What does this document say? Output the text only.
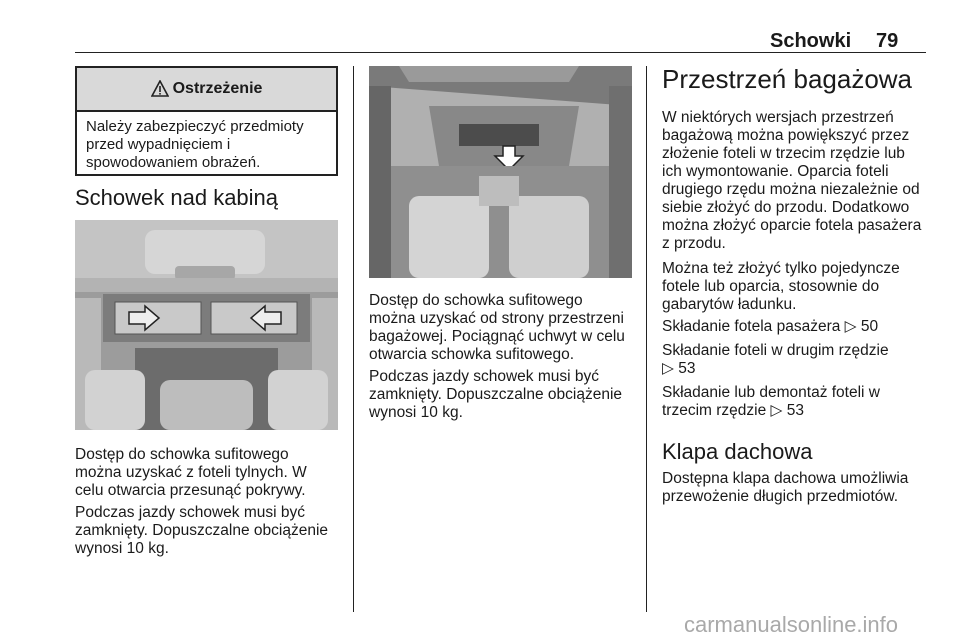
Schowki 79
Ostrzeżenie
Należy zabezpieczyć przedmioty
przed wypadnięciem i
spowodowaniem obrażeń.
Schowek nad kabiną
Dostęp do schowka sufitowego
można uzyskać z foteli tylnych. W
celu otwarcia przesunąć pokrywy.
Podczas jazdy schowek musi być
zamknięty. Dopuszczalne obciążenie
wynosi 10 kg.
Dostęp do schowka sufitowego
można uzyskać od strony przestrzeni
bagażowej. Pociągnąć uchwyt w celu
otwarcia schowka sufitowego.
Podczas jazdy schowek musi być
zamknięty. Dopuszczalne obciążenie
wynosi 10 kg.
Przestrzeń bagażowa
W niektórych wersjach przestrzeń
bagażową można powiększyć przez
złożenie foteli w trzecim rzędzie lub
ich wymontowanie. Oparcia foteli
drugiego rzędu można niezależnie od
siebie złożyć do przodu. Dodatkowo
można złożyć oparcie fotela pasażera
z przodu.
Można też złożyć tylko pojedyncze
fotele lub oparcia, stosownie do
gabarytów ładunku.
Składanie fotela pasażera ▷ 50
Składanie foteli w drugim rzędzie
▷ 53
Składanie lub demontaż foteli w
trzecim rzędzie ▷ 53
Klapa dachowa
Dostępna klapa dachowa umożliwia
przewożenie długich przedmiotów.
carmanualsonline.info
